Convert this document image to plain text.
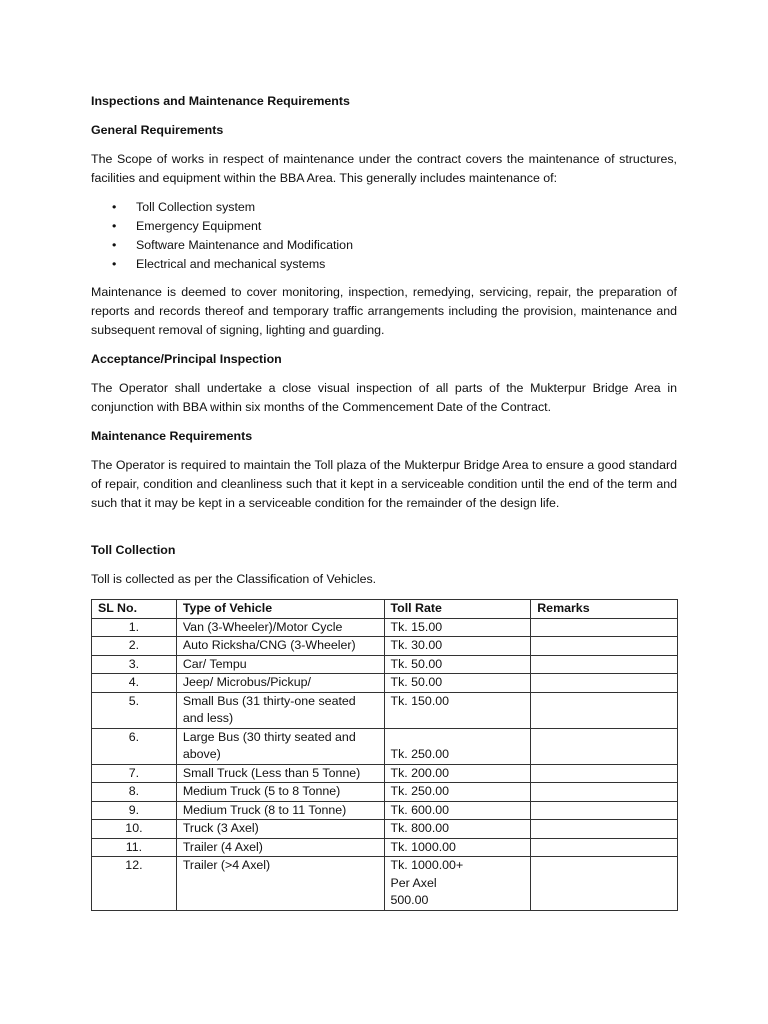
Inspections and Maintenance Requirements
General Requirements

The Scope of works in respect of maintenance under the contract covers the maintenance of structures, facilities and equipment within the BBA Area. This generally includes maintenance of:

• Toll Collection system
• Emergency Equipment
• Software Maintenance and Modification
• Electrical and mechanical systems

Maintenance is deemed to cover monitoring, inspection, remedying, servicing, repair, the preparation of reports and records thereof and temporary traffic arrangements including the provision, maintenance and subsequent removal of signing, lighting and guarding.

Acceptance/Principal Inspection

The Operator shall undertake a close visual inspection of all parts of the Mukterpur Bridge Area in conjunction with BBA within six months of the Commencement Date of the Contract.

Maintenance Requirements

The Operator is required to maintain the Toll plaza of the Mukterpur Bridge Area to ensure a good standard of repair, condition and cleanliness such that it kept in a serviceable condition until the end of the term and such that it may be kept in a serviceable condition for the remainder of the design life.

Toll Collection

Toll is collected as per the Classification of Vehicles.

SL No.	Type of Vehicle	Toll Rate	Remarks
1.	Van (3-Wheeler)/Motor Cycle	Tk. 15.00	

2.	Auto Ricksha/CNG (3-Wheeler)	Tk. 30.00	

3.	Car/ Tempu	Tk. 50.00	

4.	Jeep/ Microbus/Pickup/	Tk. 50.00	

5.	Small Bus (31 thirty-one seated
and less)	Tk. 150.00	

6.	Large Bus (30 thirty seated and
above)	Tk. 250.00	

7.	Small Truck (Less than 5 Tonne)	Tk. 200.00	

8.	Medium Truck (5 to 8 Tonne)	Tk. 250.00	

9.	Medium Truck (8 to 11 Tonne)	Tk. 600.00	

10.	Truck (3 Axel)	Tk. 800.00	

11.	Trailer (4 Axel)	Tk. 1000.00	

12.	Trailer (>4 Axel)	Tk. 1000.00+
Per Axel
500.00	
